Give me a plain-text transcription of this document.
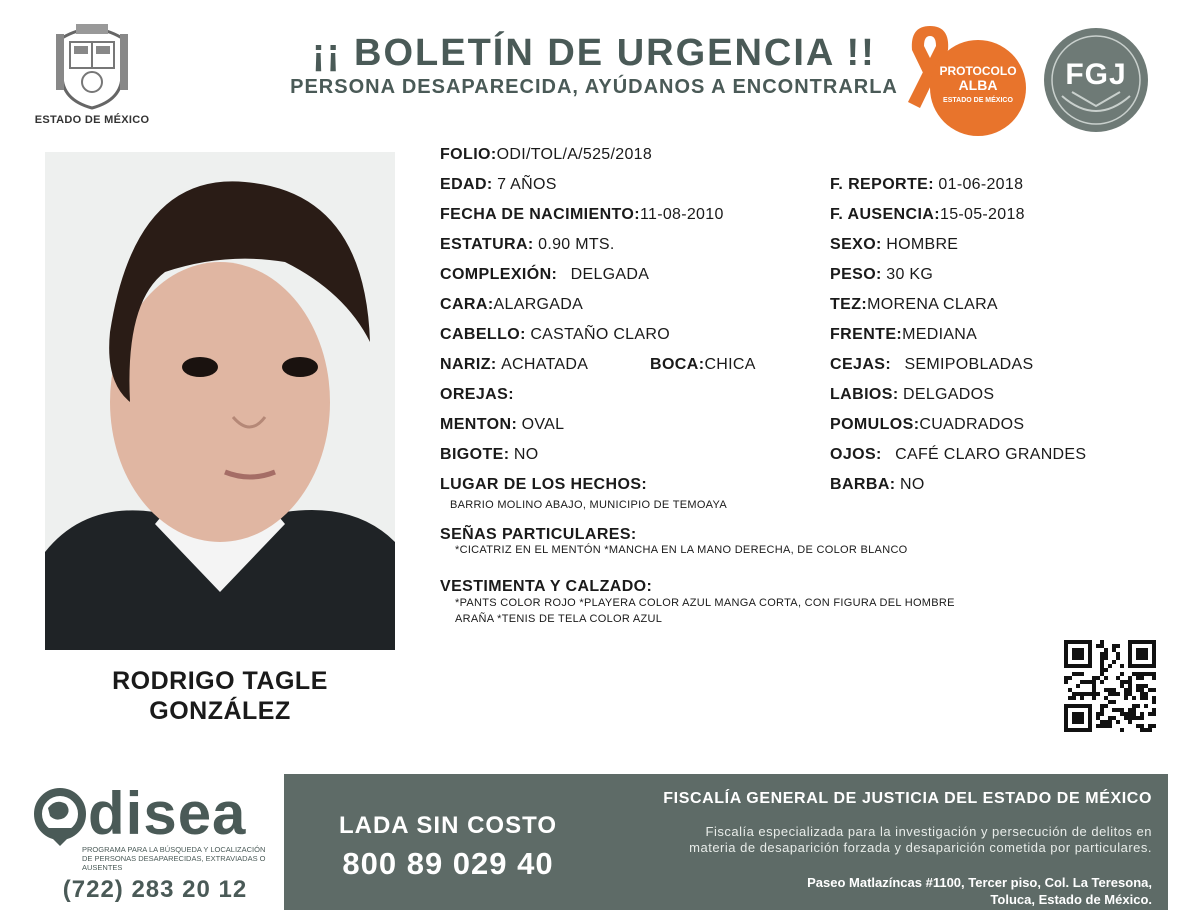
ESTADO DE MÉXICO
¡¡ BOLETÍN DE URGENCIA !!
PERSONA DESAPARECIDA, AYÚDANOS A ENCONTRARLA
PROTOCOLO
ALBA
ESTADO DE MÉXICO
FGJ
RODRIGO TAGLE
GONZÁLEZ
FOLIO:ODI/TOL/A/525/2018
EDAD: 7 AÑOS
FECHA DE NACIMIENTO:11-08-2010
ESTATURA: 0.90 MTS.
COMPLEXIÓN: DELGADA
CARA:ALARGADA
CABELLO: CASTAÑO CLARO
NARIZ: ACHATADA	BOCA:CHICA
OREJAS:
MENTON: OVAL
BIGOTE: NO
LUGAR DE LOS HECHOS:
BARRIO MOLINO ABAJO, MUNICIPIO DE TEMOAYA
F. REPORTE: 01-06-2018
F. AUSENCIA:15-05-2018
SEXO: HOMBRE
PESO: 30 KG
TEZ:MORENA CLARA
FRENTE:MEDIANA
CEJAS: SEMIPOBLADAS
LABIOS: DELGADOS
POMULOS:CUADRADOS
OJOS: CAFÉ CLARO GRANDES
BARBA: NO
SEÑAS PARTICULARES:
*CICATRIZ EN EL MENTÓN *MANCHA EN LA MANO DERECHA, DE COLOR BLANCO
VESTIMENTA Y CALZADO:
*PANTS COLOR ROJO *PLAYERA COLOR AZUL MANGA CORTA, CON FIGURA DEL HOMBRE
ARAÑA *TENIS DE TELA COLOR AZUL
disea
PROGRAMA PARA LA BÚSQUEDA Y LOCALIZACIÓN
DE PERSONAS DESAPARECIDAS, EXTRAVIADAS O
AUSENTES
(722) 283 20 12
LADA SIN COSTO
800 89 029 40
FISCALÍA GENERAL DE JUSTICIA DEL ESTADO DE MÉXICO
Fiscalía especializada para la investigación y persecución de delitos en
materia de desaparición forzada y desaparición cometida por particulares.
Paseo Matlazíncas #1100, Tercer piso, Col. La Teresona,
Toluca, Estado de México.
